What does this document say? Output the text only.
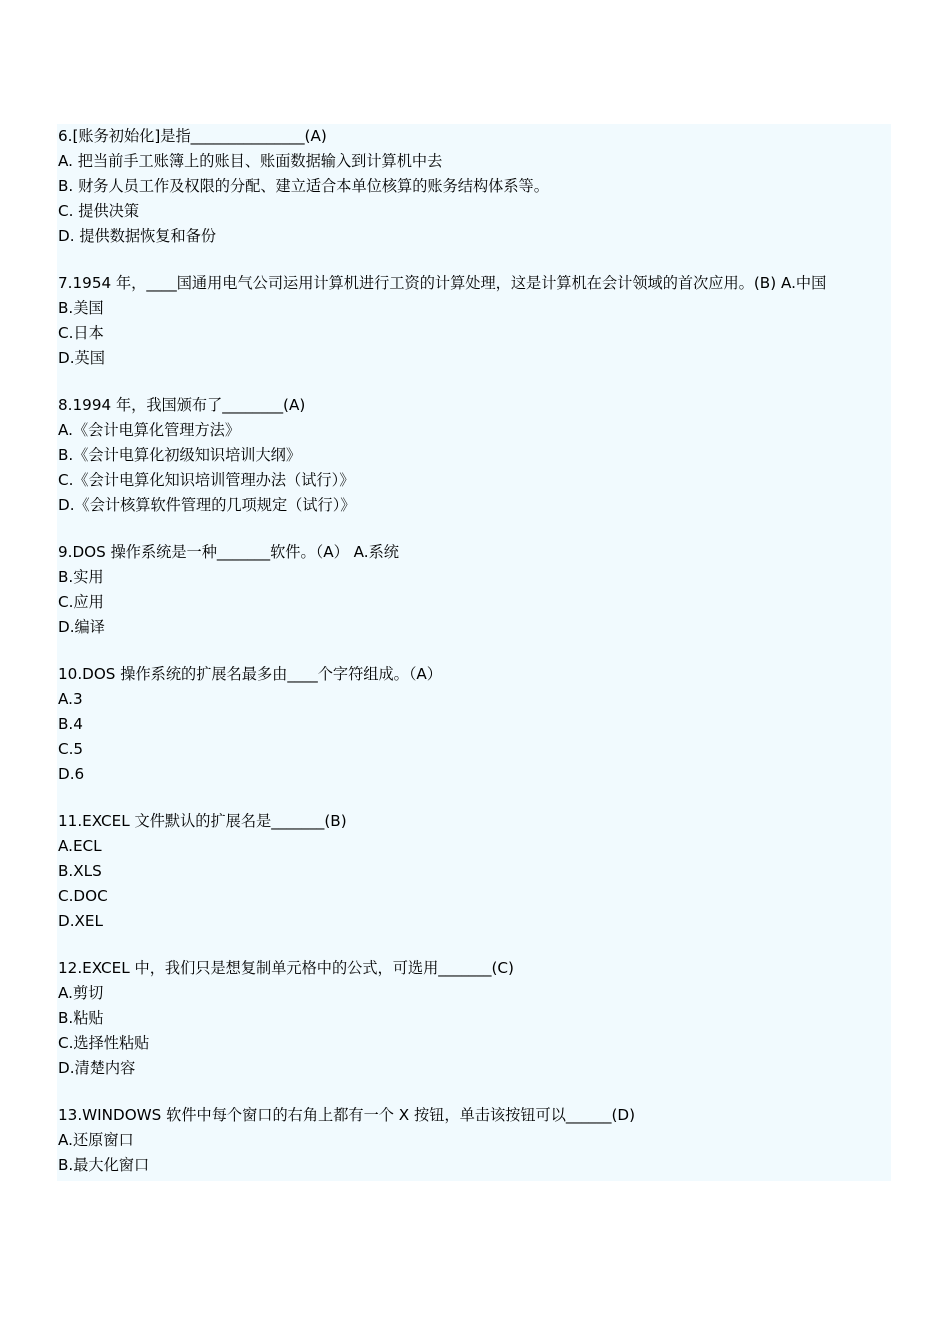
6.[账务初始化]是指_______________(A)

A. 把当前手工账簿上的账目、账面数据输入到计算机中去

B. 财务人员工作及权限的分配、建立适合本单位核算的账务结构体系等。

C. 提供决策

D. 提供数据恢复和备份

7.1954 年，____国通用电气公司运用计算机进行工资的计算处理，这是计算机在会计领域的首次应用。(B) A.中国

B.美国

C.日本

D.英国

8.1994 年，我国颁布了________(A)

A.《会计电算化管理方法》

B.《会计电算化初级知识培训大纲》

C.《会计电算化知识培训管理办法（试行）》

D.《会计核算软件管理的几项规定（试行）》

9.DOS 操作系统是一种_______软件。（A） A.系统

B.实用

C.应用

D.编译

10.DOS 操作系统的扩展名最多由____个字符组成。（A）

A.3

B.4

C.5

D.6

11.EXCEL 文件默认的扩展名是_______(B)

A.ECL

B.XLS

C.DOC

D.XEL

12.EXCEL 中，我们只是想复制单元格中的公式，可选用_______(C)

A.剪切

B.粘贴

C.选择性粘贴

D.清楚内容

13.WINDOWS 软件中每个窗口的右角上都有一个 X 按钮，单击该按钮可以______(D)

A.还原窗口

B.最大化窗口
